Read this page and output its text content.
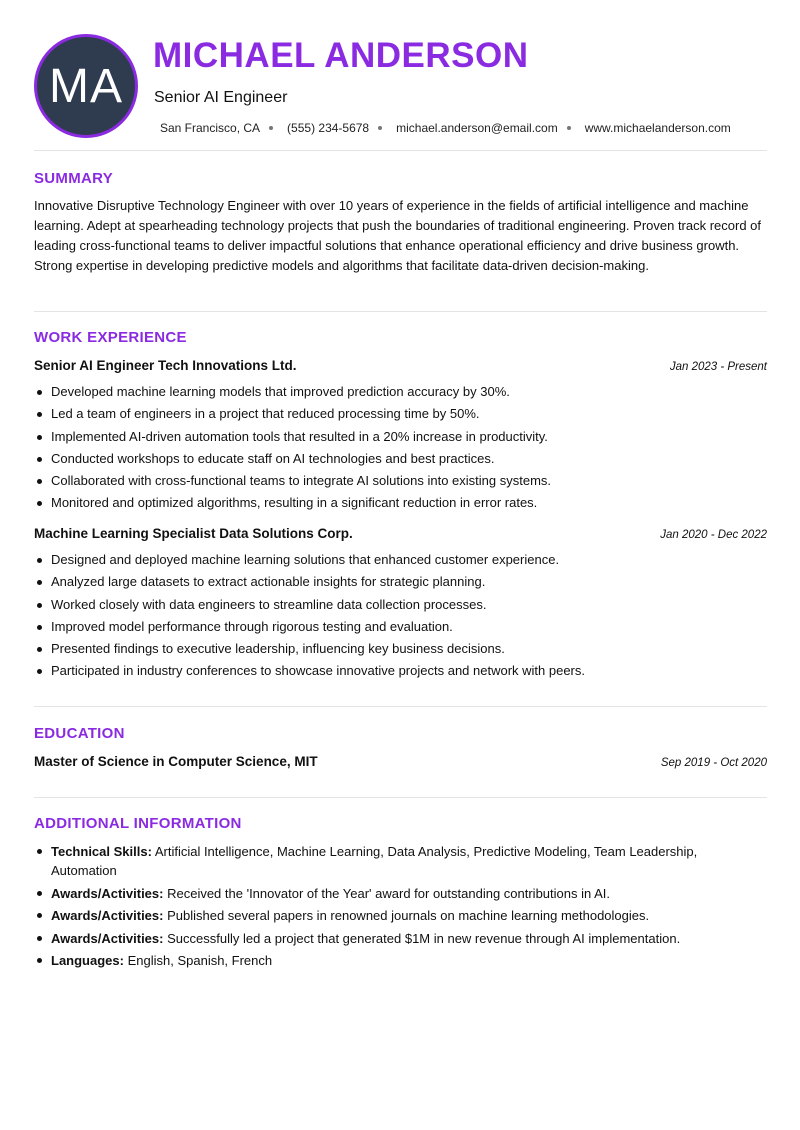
MA
MICHAEL ANDERSON
Senior AI Engineer
San Francisco, CA (555) 234-5678 michael.anderson@email.com www.michaelanderson.com
SUMMARY

Innovative Disruptive Technology Engineer with over 10 years of experience in the fields of artificial intelligence and machine learning. Adept at spearheading technology projects that push the boundaries of traditional engineering. Proven track record of leading cross-functional teams to deliver impactful solutions that enhance operational efficiency and drive business growth. Strong expertise in developing predictive models and algorithms that facilitate data-driven decision-making.

WORK EXPERIENCE
Senior AI Engineer Tech Innovations Ltd.	Jan 2023 - Present
Developed machine learning models that improved prediction accuracy by 30%.
Led a team of engineers in a project that reduced processing time by 50%.
Implemented AI-driven automation tools that resulted in a 20% increase in productivity.
Conducted workshops to educate staff on AI technologies and best practices.
Collaborated with cross-functional teams to integrate AI solutions into existing systems.
Monitored and optimized algorithms, resulting in a significant reduction in error rates.
Machine Learning Specialist Data Solutions Corp.	Jan 2020 - Dec 2022
Designed and deployed machine learning solutions that enhanced customer experience.
Analyzed large datasets to extract actionable insights for strategic planning.
Worked closely with data engineers to streamline data collection processes.
Improved model performance through rigorous testing and evaluation.
Presented findings to executive leadership, influencing key business decisions.
Participated in industry conferences to showcase innovative projects and network with peers.
EDUCATION
Master of Science in Computer Science, MIT	Sep 2019 - Oct 2020
ADDITIONAL INFORMATION
Technical Skills: Artificial Intelligence, Machine Learning, Data Analysis, Predictive Modeling, Team Leadership, Automation
Awards/Activities: Received the 'Innovator of the Year' award for outstanding contributions in AI.
Awards/Activities: Published several papers in renowned journals on machine learning methodologies.
Awards/Activities: Successfully led a project that generated $1M in new revenue through AI implementation.
Languages: English, Spanish, French
